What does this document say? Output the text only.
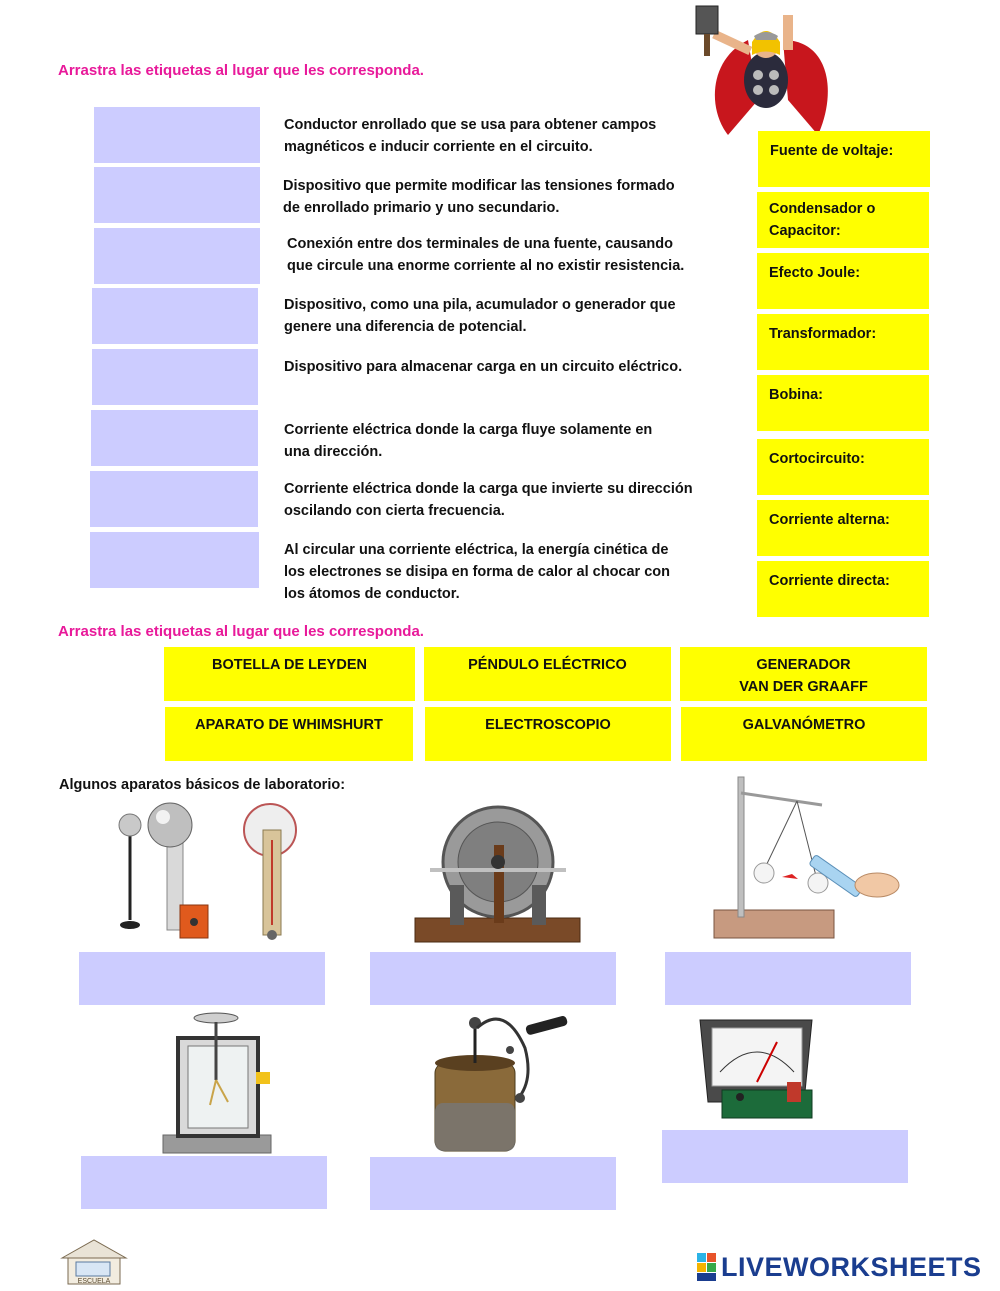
Arrastra las etiquetas al lugar que les corresponda.
Conductor enrollado que se usa para obtener campos
magnéticos e inducir corriente en el circuito.
Dispositivo que permite modificar las tensiones formado
de enrollado primario y uno secundario.
Conexión entre dos terminales de una fuente, causando
que circule una enorme corriente al no existir resistencia.
Dispositivo, como una pila, acumulador o generador que
genere una diferencia de potencial.
Dispositivo para almacenar carga en un circuito eléctrico.
Corriente eléctrica donde la carga fluye solamente en
una dirección.
Corriente eléctrica donde la carga que invierte su dirección
oscilando con cierta frecuencia.
Al circular una corriente eléctrica, la energía cinética de
los electrones se disipa en forma de calor al chocar con
los átomos de conductor.
Fuente de voltaje:
Condensador o
Capacitor:
Efecto Joule:
Transformador:
Bobina:
Cortocircuito:
Corriente alterna:
Corriente directa:
Arrastra las etiquetas al lugar que les corresponda.
BOTELLA DE LEYDEN	PÉNDULO ELÉCTRICO	GENERADOR
VAN DER GRAAFF
APARATO DE WHIMSHURT	ELECTROSCOPIO	GALVANÓMETRO
Algunos aparatos básicos de laboratorio:
ESCUELA	LIVEWORKSHEETS
